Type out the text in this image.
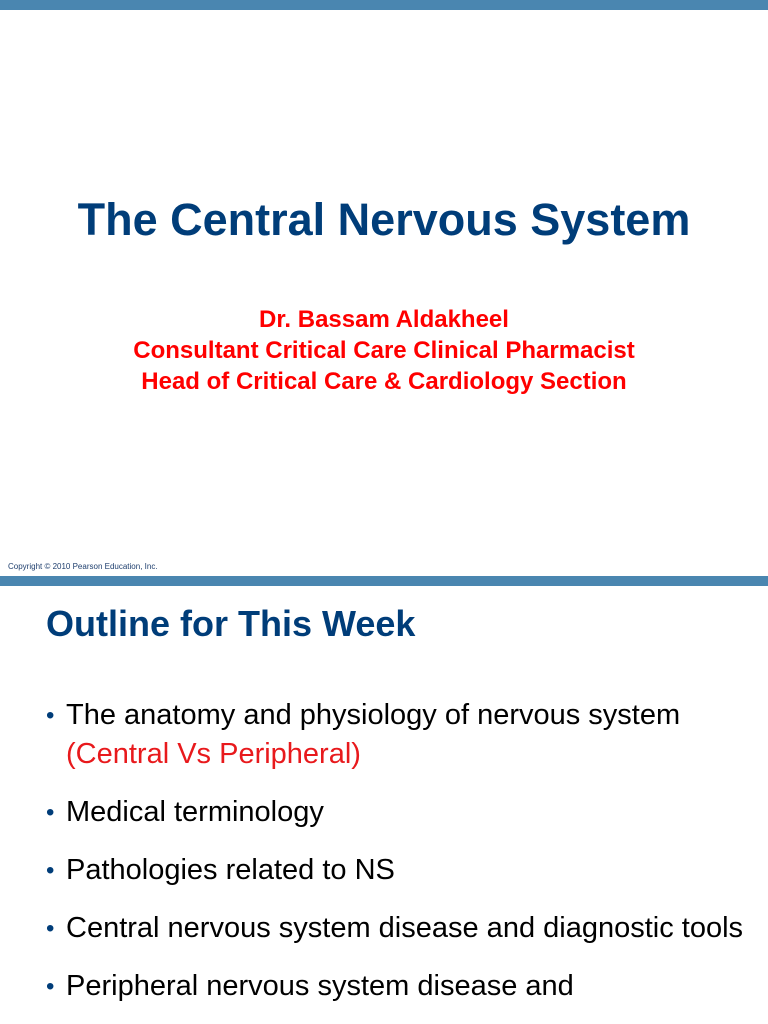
The Central Nervous System
Dr. Bassam Aldakheel
Consultant Critical Care Clinical Pharmacist
Head of Critical Care & Cardiology Section
Copyright © 2010 Pearson Education, Inc.
Outline for This Week
• The anatomy and physiology of nervous system (Central Vs Peripheral)
• Medical terminology
• Pathologies related to NS
• Central nervous system disease and diagnostic tools
• Peripheral nervous system disease and
